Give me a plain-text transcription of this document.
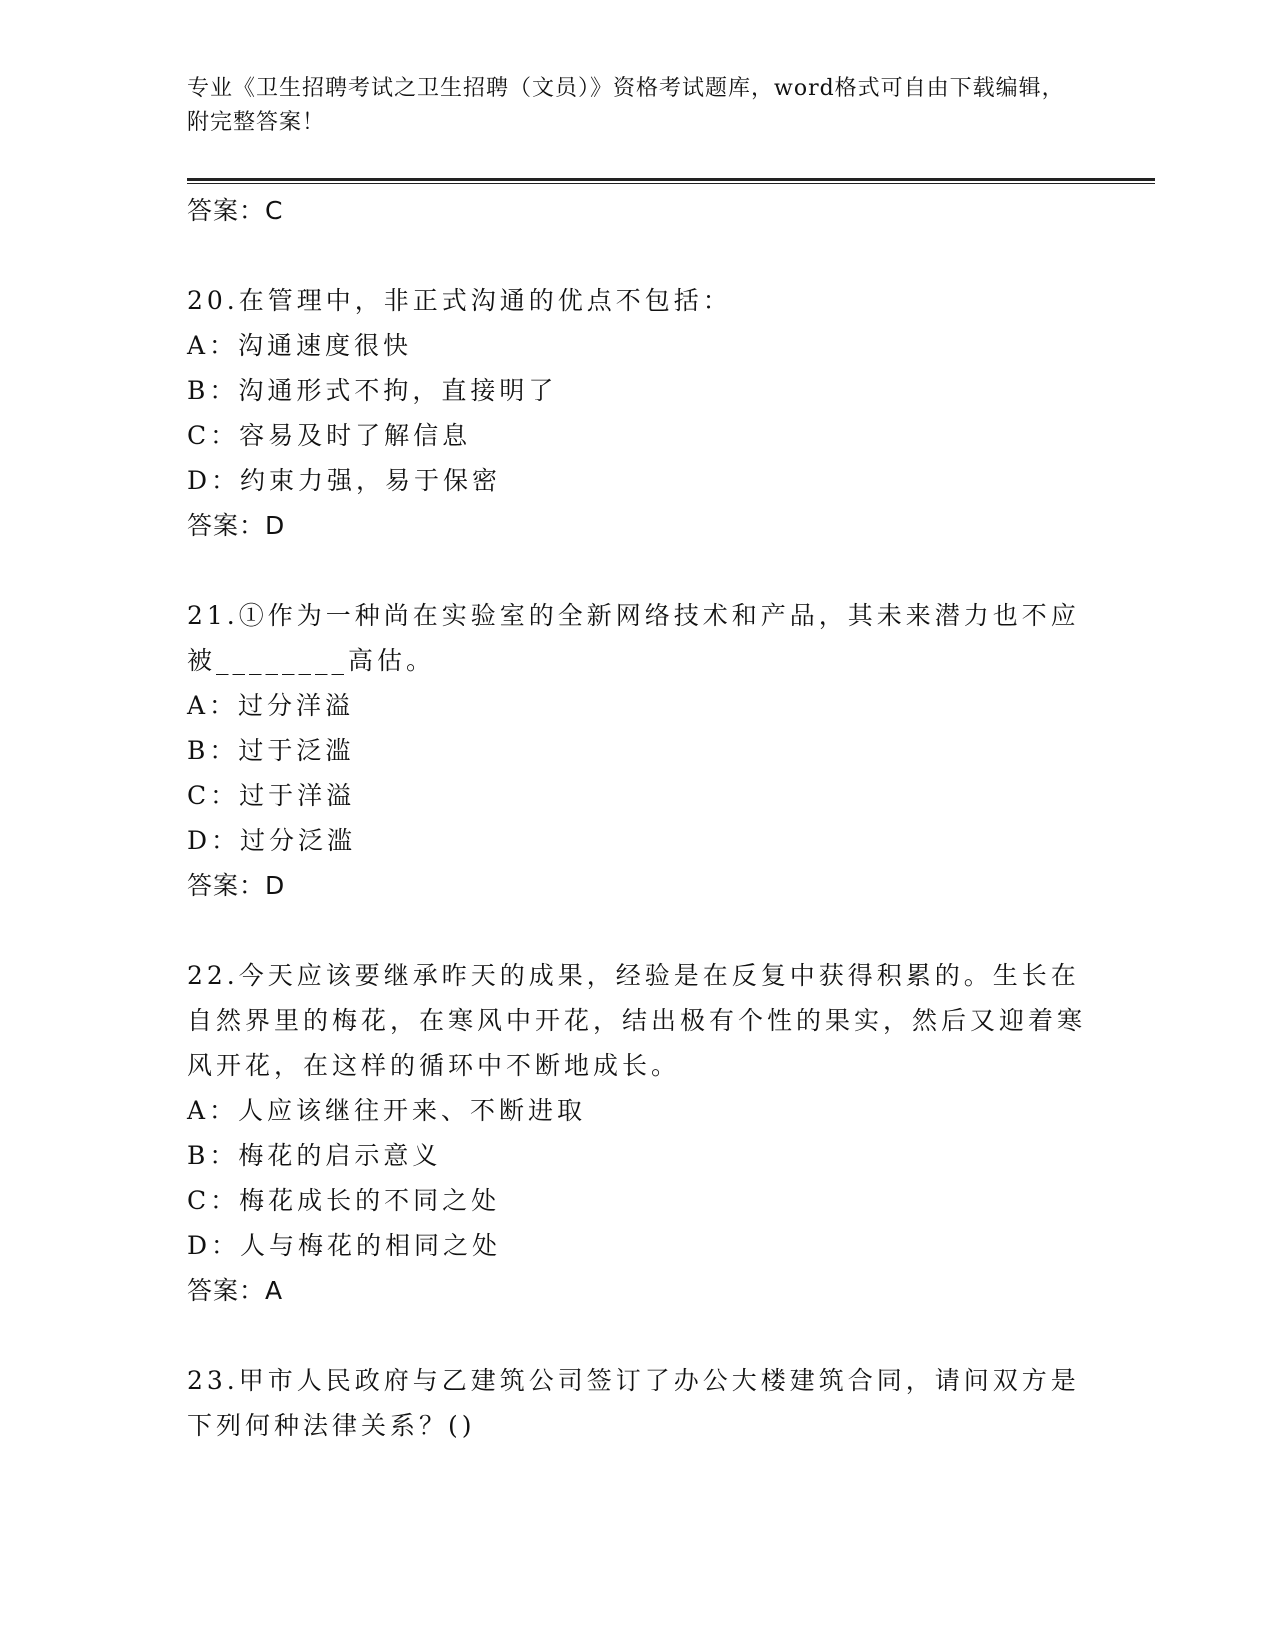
专业《卫生招聘考试之卫生招聘（文员）》资格考试题库，word格式可自由下载编辑，附完整答案！
答案：C
20.在管理中，非正式沟通的优点不包括：
A：沟通速度很快
B：沟通形式不拘，直接明了
C：容易及时了解信息
D：约束力强，易于保密
答案：D
21.①作为一种尚在实验室的全新网络技术和产品，其未来潜力也不应被________高估。
A：过分洋溢
B：过于泛滥
C：过于洋溢
D：过分泛滥
答案：D
22.今天应该要继承昨天的成果，经验是在反复中获得积累的。生长在自然界里的梅花，在寒风中开花，结出极有个性的果实，然后又迎着寒风开花，在这样的循环中不断地成长。
A：人应该继往开来、不断进取
B：梅花的启示意义
C：梅花成长的不同之处
D：人与梅花的相同之处
答案：A
23.甲市人民政府与乙建筑公司签订了办公大楼建筑合同，请问双方是下列何种法律关系？()
